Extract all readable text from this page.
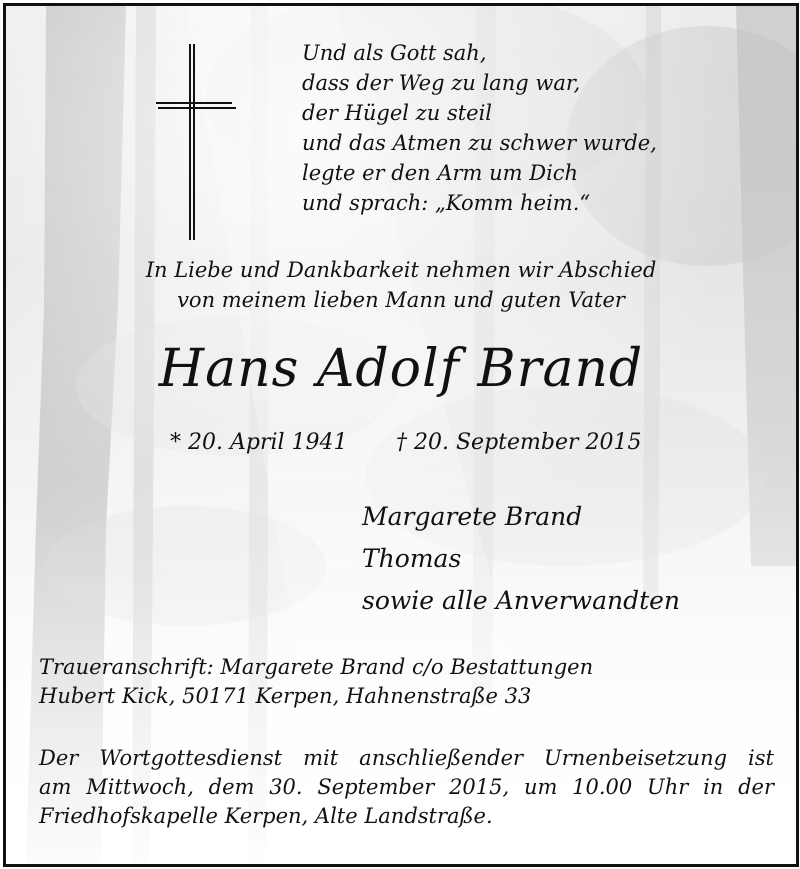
Und als Gott sah,
dass der Weg zu lang war,
der Hügel zu steil
und das Atmen zu schwer wurde,
legte er den Arm um Dich
und sprach: „Komm heim.“
In Liebe und Dankbarkeit nehmen wir Abschied
von meinem lieben Mann und guten Vater
Hans Adolf Brand
* 20. April 1941 † 20. September 2015
Margarete Brand
Thomas
sowie alle Anverwandten
Traueranschrift: Margarete Brand c/o Bestattungen
Hubert Kick, 50171 Kerpen, Hahnenstraße 33
Der Wortgottesdienst mit anschließender Urnenbeisetzung ist
am Mittwoch, dem 30. September 2015, um 10.00 Uhr in der
Friedhofskapelle Kerpen, Alte Landstraße.
